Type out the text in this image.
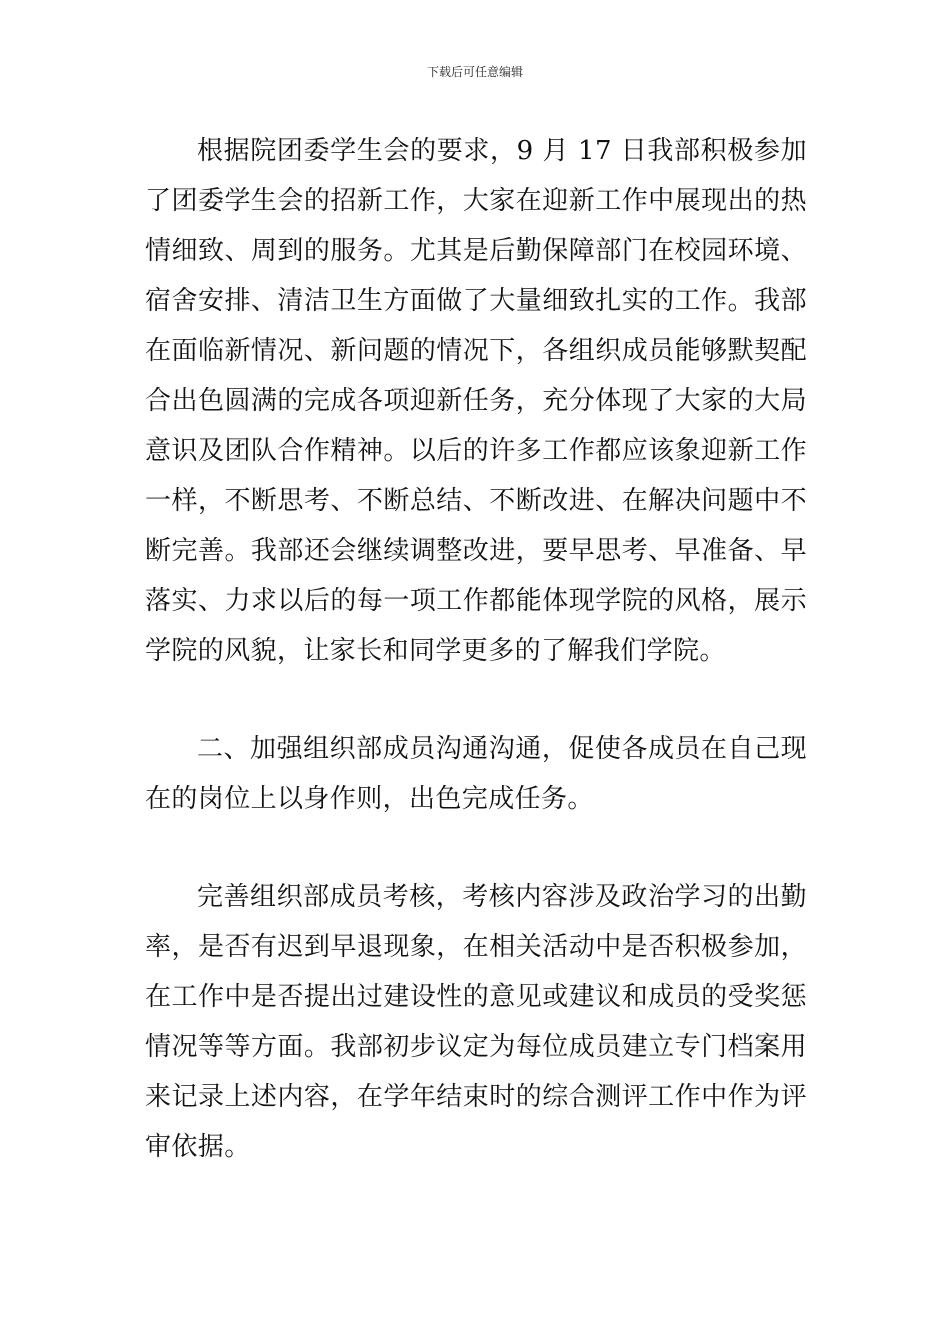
下载后可任意编辑

根据院团委学生会的要求，9 月 17 日我部积极参加了团委学生会的招新工作，大家在迎新工作中展现出的热情细致、周到的服务。尤其是后勤保障部门在校园环境、宿舍安排、清洁卫生方面做了大量细致扎实的工作。我部在面临新情况、新问题的情况下，各组织成员能够默契配合出色圆满的完成各项迎新任务，充分体现了大家的大局意识及团队合作精神。以后的许多工作都应该象迎新工作一样，不断思考、不断总结、不断改进、在解决问题中不断完善。我部还会继续调整改进，要早思考、早准备、早落实、力求以后的每一项工作都能体现学院的风格，展示学院的风貌，让家长和同学更多的了解我们学院。

二、加强组织部成员沟通沟通，促使各成员在自己现在的岗位上以身作则，出色完成任务。

完善组织部成员考核，考核内容涉及政治学习的出勤率，是否有迟到早退现象，在相关活动中是否积极参加，在工作中是否提出过建设性的意见或建议和成员的受奖惩情况等等方面。我部初步议定为每位成员建立专门档案用来记录上述内容，在学年结束时的综合测评工作中作为评审依据。
